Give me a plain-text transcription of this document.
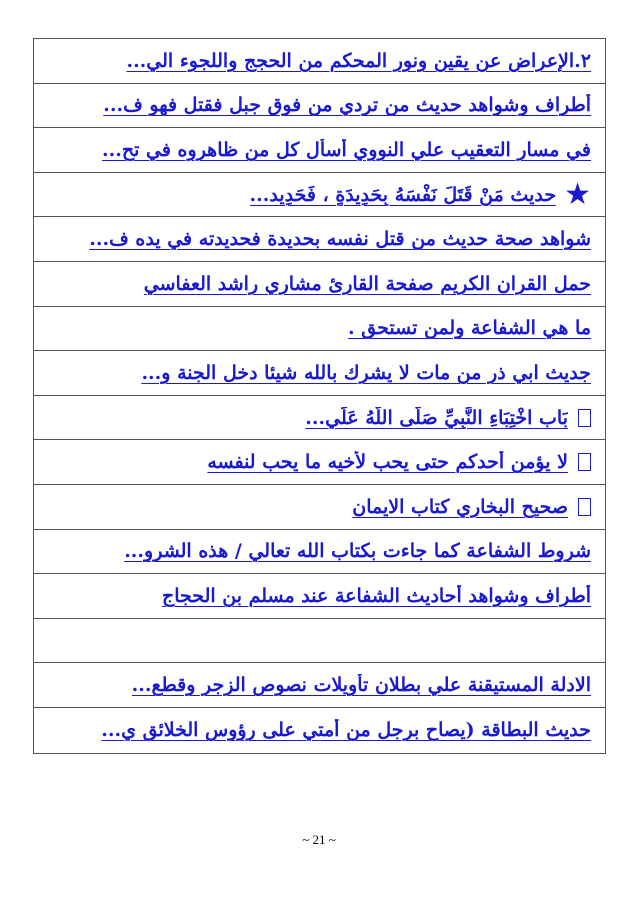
٢.الإعراض عن يقين ونور المحكم من الحجج واللجوء الي...
أطراف وشواهد حديث من تردي من فوق جبل فقتل فهو ف...
في مسار التعقيب علي النووي أسأل كل من ظاهروه في تح...
★
حديث مَنْ قَتَلَ نَفْسَهُ بِحَدِيدَةٍ ، فَحَدِيد...
شواهد صحة حديث من قتل نفسه بحديدة فحديدته في يده ف...
حمل القران الكريم صفحة القارئ مشاري راشد العفاسي
ما هي الشفاعة ولمن تستحق .
جديث ابي ذر من مات لا يشرك بالله شيئا دخل الجنة و...
بَاب اخْتِبَاءِ النَّبِيِّ صَلَّى اللَّهُ عَلَي...
لا يؤمن أحدكم حتى يحب لأخيه ما يحب لنفسه
صحيح البخاري كتاب الايمان
شروط الشفاعة كما جاءت بكتاب الله تعالي / هذه الشرو...
أطراف وشواهد أحاديث الشفاعة عند مسلم بن الحجاج
الادلة المستيقنة علي بطلان تأويلات نصوص الزجر وقطع...
حديث البطاقة (يصاح برجل من أمتي على رؤوس الخلائق ي...
~ 21 ~
